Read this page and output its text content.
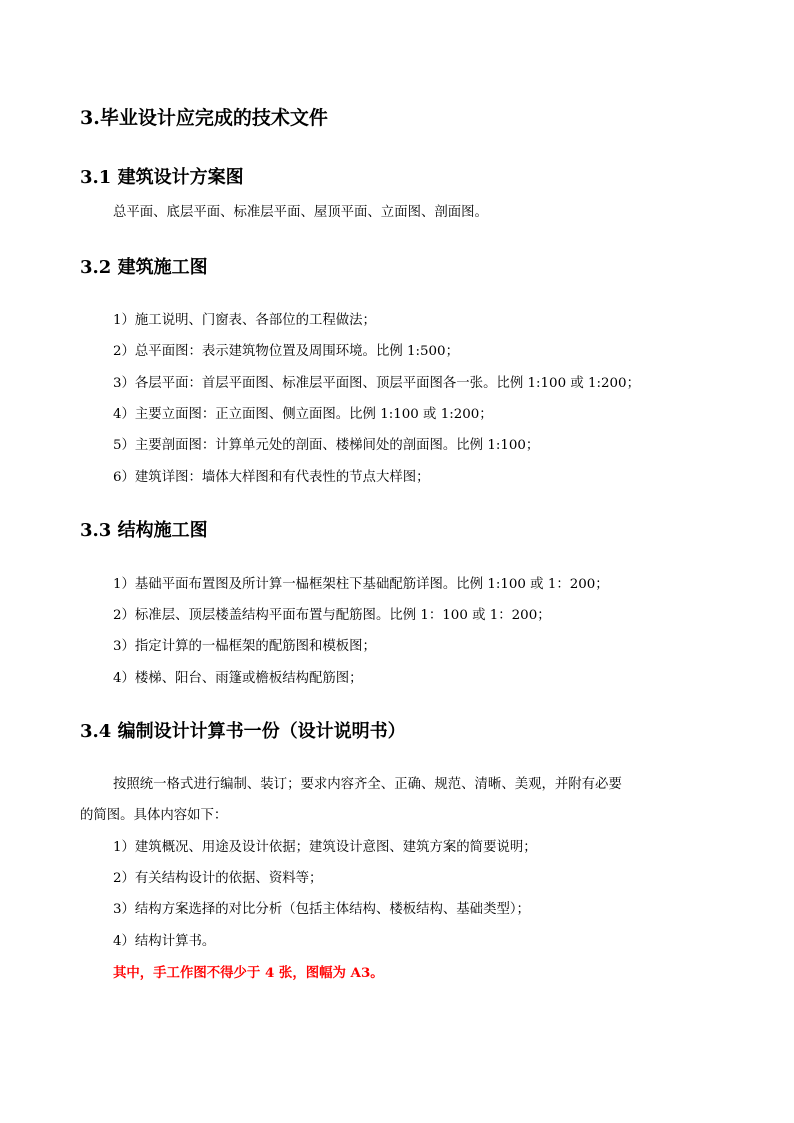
3.毕业设计应完成的技术文件
3.1 建筑设计方案图
总平面、底层平面、标准层平面、屋顶平面、立面图、剖面图。
3.2 建筑施工图
1）施工说明、门窗表、各部位的工程做法；
2）总平面图：表示建筑物位置及周围环境。比例 1:500；
3）各层平面：首层平面图、标准层平面图、顶层平面图各一张。比例 1:100 或 1:200；
4）主要立面图：正立面图、侧立面图。比例 1:100 或 1:200；
5）主要剖面图：计算单元处的剖面、楼梯间处的剖面图。比例 1:100；
6）建筑详图：墙体大样图和有代表性的节点大样图；
3.3 结构施工图
1）基础平面布置图及所计算一榀框架柱下基础配筋详图。比例 1:100 或 1：200；
2）标准层、顶层楼盖结构平面布置与配筋图。比例 1：100 或 1：200；
3）指定计算的一榀框架的配筋图和模板图；
4）楼梯、阳台、雨篷或檐板结构配筋图；
3.4 编制设计计算书一份（设计说明书）
按照统一格式进行编制、装订；要求内容齐全、正确、规范、清晰、美观，并附有必要
的简图。具体内容如下：
1）建筑概况、用途及设计依据；建筑设计意图、建筑方案的简要说明；
2）有关结构设计的依据、资料等；
3）结构方案选择的对比分析（包括主体结构、楼板结构、基础类型）；
4）结构计算书。
其中，手工作图不得少于 4 张，图幅为 A3。
